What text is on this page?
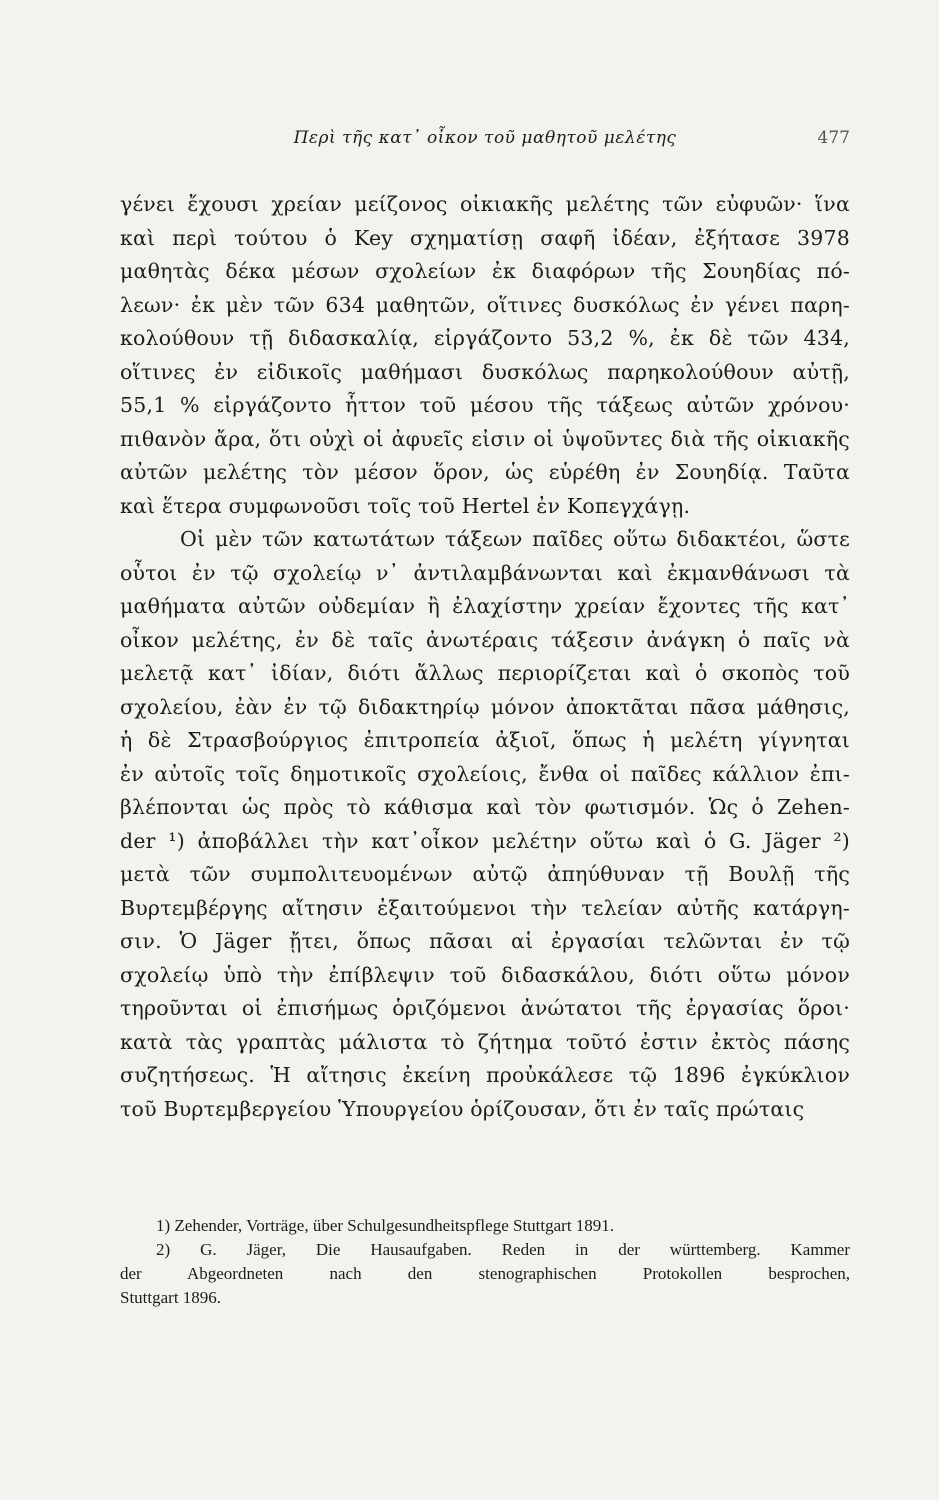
Περὶ τῆς κατ᾽ οἶκον τοῦ μαθητοῦ μελέτης	477
γένει ἔχουσι χρείαν μείζονος οἰκιακῆς μελέτης τῶν εὐφυῶν· ἵνα
καὶ περὶ τούτου ὁ Key σχηματίσῃ σαφῆ ἰδέαν, ἐξήτασε 3978
μαθητὰς δέκα μέσων σχολείων ἐκ διαφόρων τῆς Σουηδίας πό-
λεων· ἐκ μὲν τῶν 634 μαθητῶν, οἵτινες δυσκόλως ἐν γένει παρη-
κολούθουν τῇ διδασκαλίᾳ, εἰργάζοντο 53,2 %, ἐκ δὲ τῶν 434,
οἵτινες ἐν εἰδικοῖς μαθήμασι δυσκόλως παρηκολούθουν αὐτῇ,
55,1 % εἰργάζοντο ἧττον τοῦ μέσου τῆς τάξεως αὐτῶν χρόνου·
πιθανὸν ἄρα, ὅτι οὐχὶ οἱ ἀφυεῖς εἰσιν οἱ ὑψοῦντες διὰ τῆς οἰκιακῆς
αὐτῶν μελέτης τὸν μέσον ὅρον, ὡς εὑρέθη ἐν Σουηδίᾳ. Ταῦτα
καὶ ἕτερα συμφωνοῦσι τοῖς τοῦ Hertel ἐν Κοπεγχάγῃ.
Οἱ μὲν τῶν κατωτάτων τάξεων παῖδες οὕτω διδακτέοι, ὥστε
οὗτοι ἐν τῷ σχολείῳ ν᾽ ἀντιλαμβάνωνται καὶ ἐκμανθάνωσι τὰ
μαθήματα αὐτῶν οὐδεμίαν ἢ ἐλαχίστην χρείαν ἔχοντες τῆς κατ᾽
οἶκον μελέτης, ἐν δὲ ταῖς ἀνωτέραις τάξεσιν ἀνάγκη ὁ παῖς νὰ
μελετᾷ κατ᾽ ἰδίαν, διότι ἄλλως περιορίζεται καὶ ὁ σκοπὸς τοῦ
σχολείου, ἐὰν ἐν τῷ διδακτηρίῳ μόνον ἀποκτᾶται πᾶσα μάθησις,
ἡ δὲ Στρασβούργιος ἐπιτροπεία ἀξιοῖ, ὅπως ἡ μελέτη γίγνηται
ἐν αὐτοῖς τοῖς δημοτικοῖς σχολείοις, ἔνθα οἱ παῖδες κάλλιον ἐπι-
βλέπονται ὡς πρὸς τὸ κάθισμα καὶ τὸν φωτισμόν. Ὡς ὁ Zehen-
der ¹) ἀποβάλλει τὴν κατ᾽οἶκον μελέτην οὕτω καὶ ὁ G. Jäger ²)
μετὰ τῶν συμπολιτευομένων αὐτῷ ἀπηύθυναν τῇ Βουλῇ τῆς
Βυρτεμβέργης αἴτησιν ἐξαιτούμενοι τὴν τελείαν αὐτῆς κατάργη-
σιν. Ὁ Jäger ᾔτει, ὅπως πᾶσαι αἱ ἐργασίαι τελῶνται ἐν τῷ
σχολείῳ ὑπὸ τὴν ἐπίβλεψιν τοῦ διδασκάλου, διότι οὕτω μόνον
τηροῦνται οἱ ἐπισήμως ὁριζόμενοι ἀνώτατοι τῆς ἐργασίας ὅροι·
κατὰ τὰς γραπτὰς μάλιστα τὸ ζήτημα τοῦτό ἐστιν ἐκτὸς πάσης
συζητήσεως. Ἡ αἴτησις ἐκείνη προὐκάλεσε τῷ 1896 ἐγκύκλιον
τοῦ Βυρτεμβεργείου Ὑπουργείου ὁρίζουσαν, ὅτι ἐν ταῖς πρώταις
1) Zehender, Vorträge, über Schulgesundheitspflege Stuttgart 1891.
2) G. Jäger, Die Hausaufgaben. Reden in der württemberg. Kammer
der Abgeordneten nach den stenographischen Protokollen besprochen,
Stuttgart 1896.
